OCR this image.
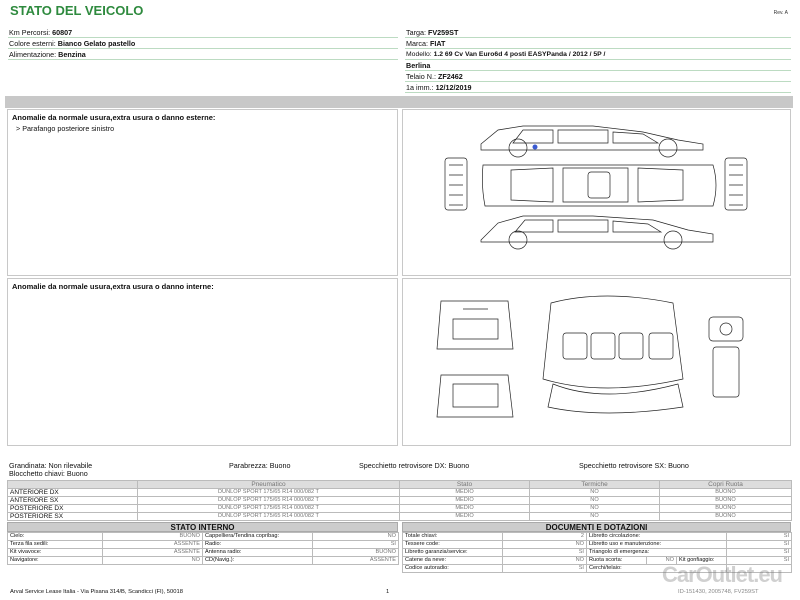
STATO DEL VEICOLO	Rev. A
Km Percorsi: 60807
Colore esterni: Bianco Gelato pastello
Alimentazione: Benzina
Targa: FV259ST
Marca: FIAT
Modello: 1.2 69 Cv Van Euro6d 4 posti EASYPanda / 2012 / 5P /
Berlina
Telaio N.: ZF2462
1a imm.: 12/12/2019
Anomalie da normale usura,extra usura o danno esterne:
> Parafango posteriore sinistro
Anomalie da normale usura,extra usura o danno interne:
Grandinata: Non rilevabile	Parabrezza: Buono	Specchietto retrovisore DX: Buono	Specchietto retrovisore SX: Buono
Blocchetto chiavi: Buono
	Pneumatico	Stato	Termiche	Copri Ruota
ANTERIORE DX	DUNLOP SPORT 175/65 R14 000/082 T	MEDIO	NO	BUONO
ANTERIORE SX	DUNLOP SPORT 175/65 R14 000/082 T	MEDIO	NO	BUONO
POSTERIORE DX	DUNLOP SPORT 175/65 R14 000/082 T	MEDIO	NO	BUONO
POSTERIORE SX	DUNLOP SPORT 175/65 R14 000/082 T	MEDIO	NO	BUONO
STATO INTERNO
Cielo:	BUONO	Cappelliera/Tendina copribag:	NO
Terza fila sedili:	ASSENTE	Radio:	SI
Kit vivavoce:	ASSENTE	Antenna radio:	BUONO
Navigatore:	NO	CD(Navig.):	ASSENTE
DOCUMENTI E DOTAZIONI
Totale chiavi:	2	Libretto circolazione:			SI
Tessere code:	NO	Libretto uso e manutenzione:			SI
Libretto garanzia/service:	SI	Triangolo di emergenza:			SI
Catene da neve:	NO	Ruota scorta:	NO	Kit gonfiaggio:	SI
Codice autoradio:	SI	Cerchi/telaio:			
Arval Service Lease Italia - Via Pisana 314/B, Scandicci (FI), 50018	1	ID-151430, 2005748, FV259ST
CarOutlet.eu
